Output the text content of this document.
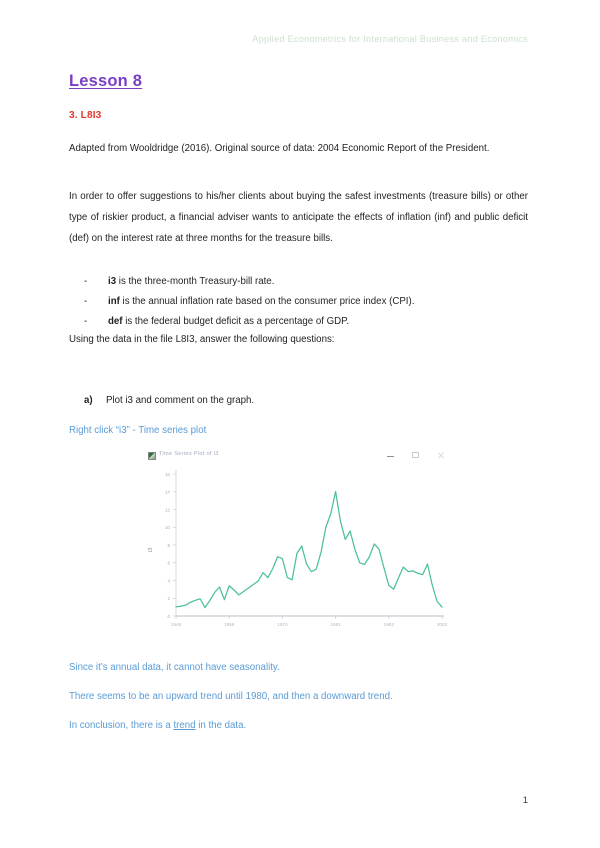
Applied Econometrics for International Business and Economics
Lesson 8
3. L8I3
Adapted from Wooldridge (2016). Original source of data: 2004 Economic Report of the President.
In order to offer suggestions to his/her clients about buying the safest investments (treasure bills) or other type of riskier product, a financial adviser wants to anticipate the effects of inflation (inf) and public deficit (def) on the interest rate at three months for the treasure bills.
-	i3 is the three-month Treasury-bill rate.
-	inf is the annual inflation rate based on the consumer price index (CPI).
-	def is the federal budget deficit as a percentage of GDP.
Using the data in the file L8I3, answer the following questions:
a)	Plot i3 and comment on the graph.
Right click “i3” - Time series plot
Time Series Plot of i3
i3
0
2
4
6
8
10
12
14
16
1948	1959	1970	1981	1992	2003
Since it’s annual data, it cannot have seasonality.
There seems to be an upward trend until 1980, and then a downward trend.
In conclusion, there is a trend in the data.
1
